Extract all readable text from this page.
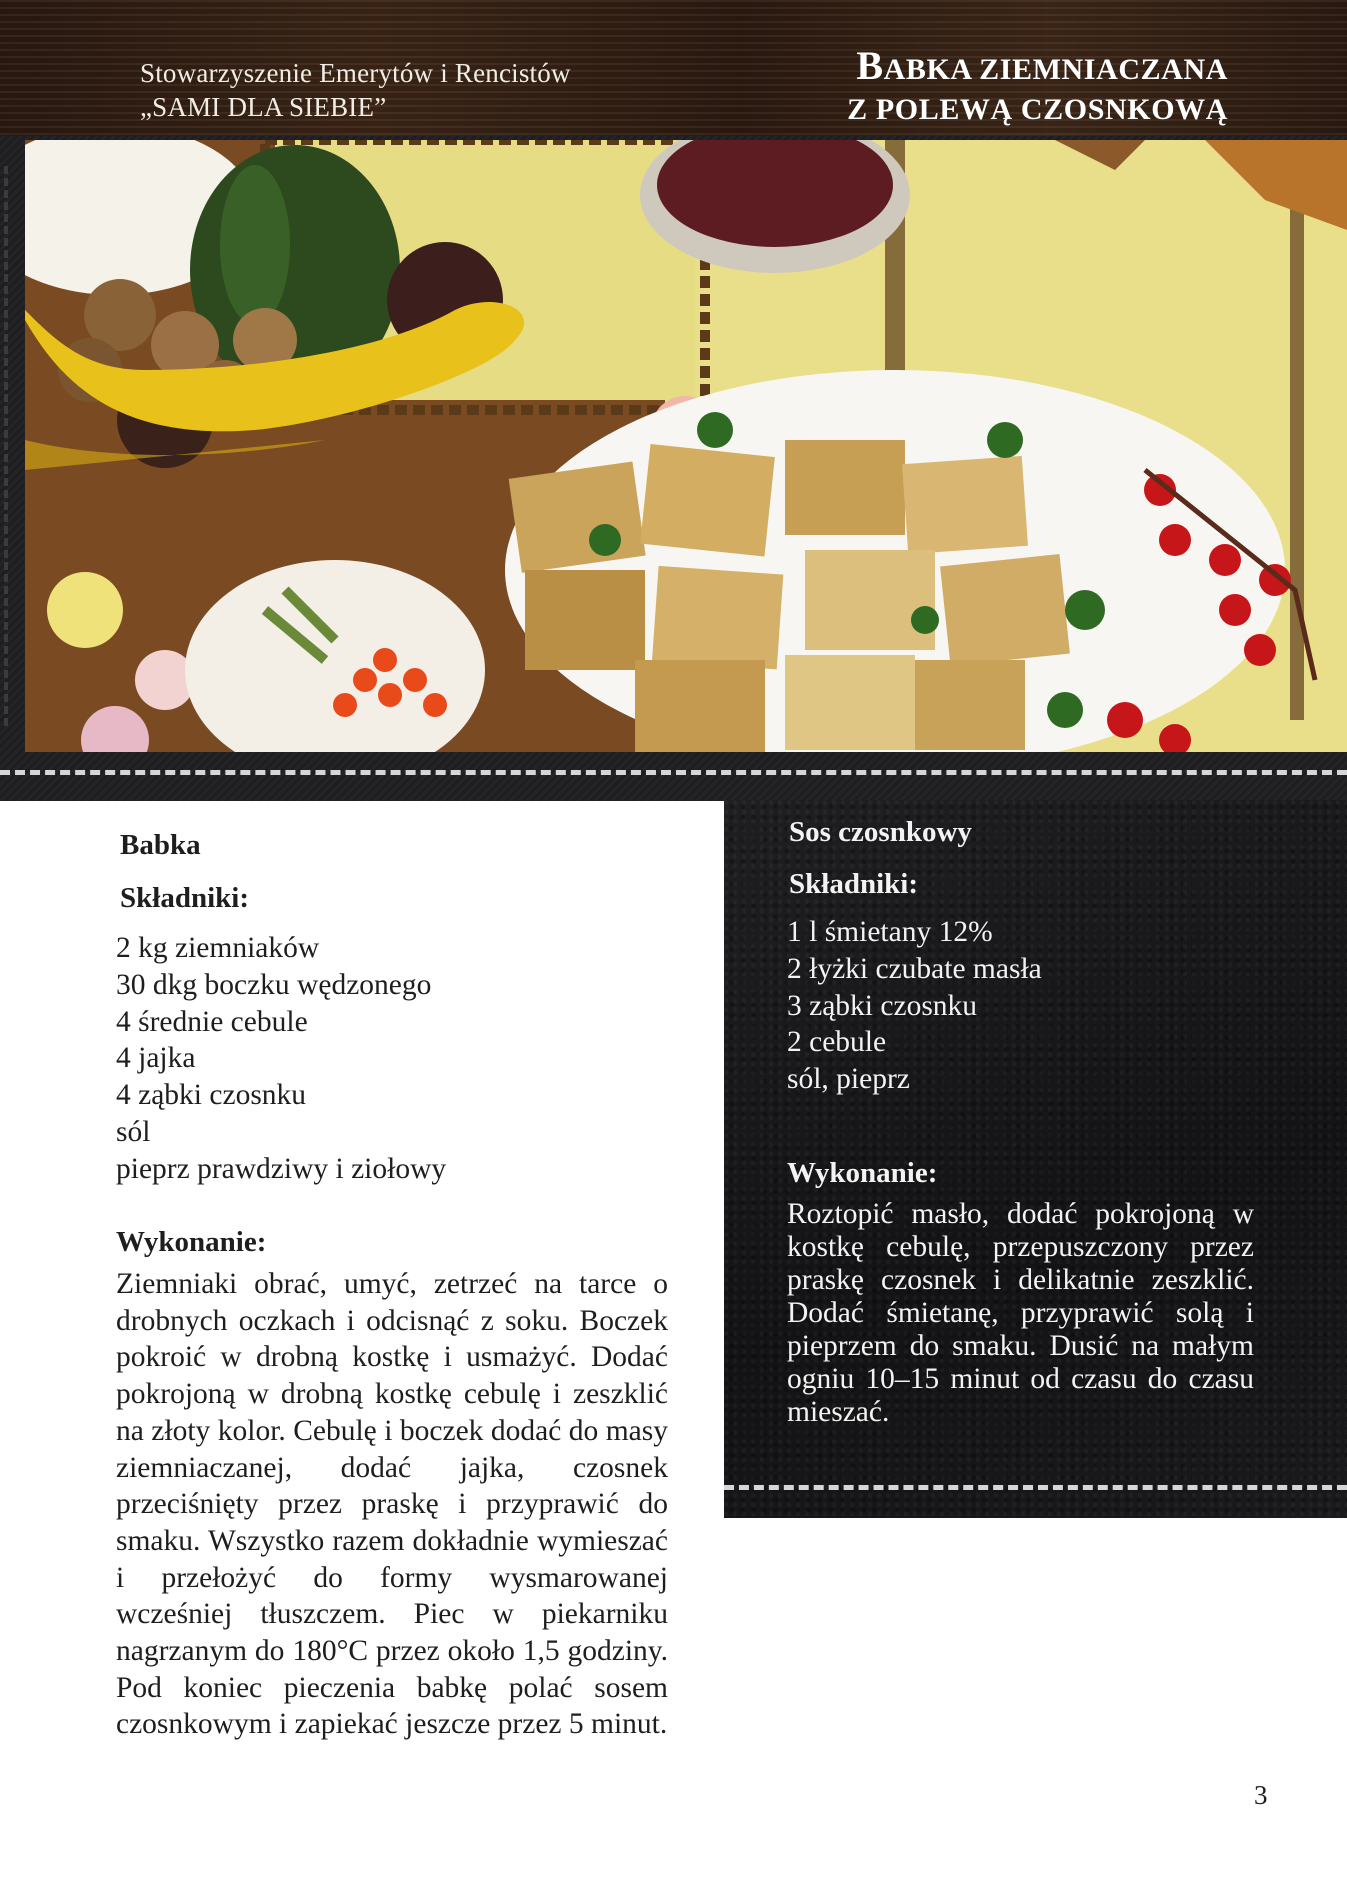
Stowarzyszenie Emerytów i Rencistów
„SAMI DLA SIEBIE”
BABKA ZIEMNIACZANA
Z POLEWĄ CZOSNKOWĄ
Babka
Składniki:
2 kg ziemniaków
30 dkg boczku wędzonego
4 średnie cebule
4 jajka
4 ząbki czosnku
sól
pieprz prawdziwy i ziołowy
Wykonanie:
Ziemniaki obrać, umyć, zetrzeć na tarce o drobnych oczkach i odcisnąć z soku. Boczek pokroić w drobną kostkę i usmażyć. Dodać pokrojoną w drobną kostkę cebulę i zeszklić na złoty kolor. Cebulę i boczek dodać do masy ziemniaczanej, dodać jajka, czosnek przeciśnięty przez praskę i przyprawić do smaku. Wszystko razem dokładnie wymieszać i przełożyć do formy wysmarowanej wcześniej tłuszczem. Piec w piekarniku nagrzanym do 180°C przez około 1,5 godziny. Pod koniec pieczenia babkę polać sosem czosnkowym i zapiekać jeszcze przez 5 minut.
Sos czosnkowy
Składniki:
1 l śmietany 12%
2 łyżki czubate masła
3 ząbki czosnku
2 cebule
sól, pieprz
Wykonanie:
Roztopić masło, dodać pokrojoną w kostkę cebulę, przepuszczony przez praskę czosnek i delikatnie zeszklić. Dodać śmietanę, przyprawić solą i pieprzem do smaku. Dusić na małym ogniu 10–15 minut od czasu do czasu mieszać.
3
